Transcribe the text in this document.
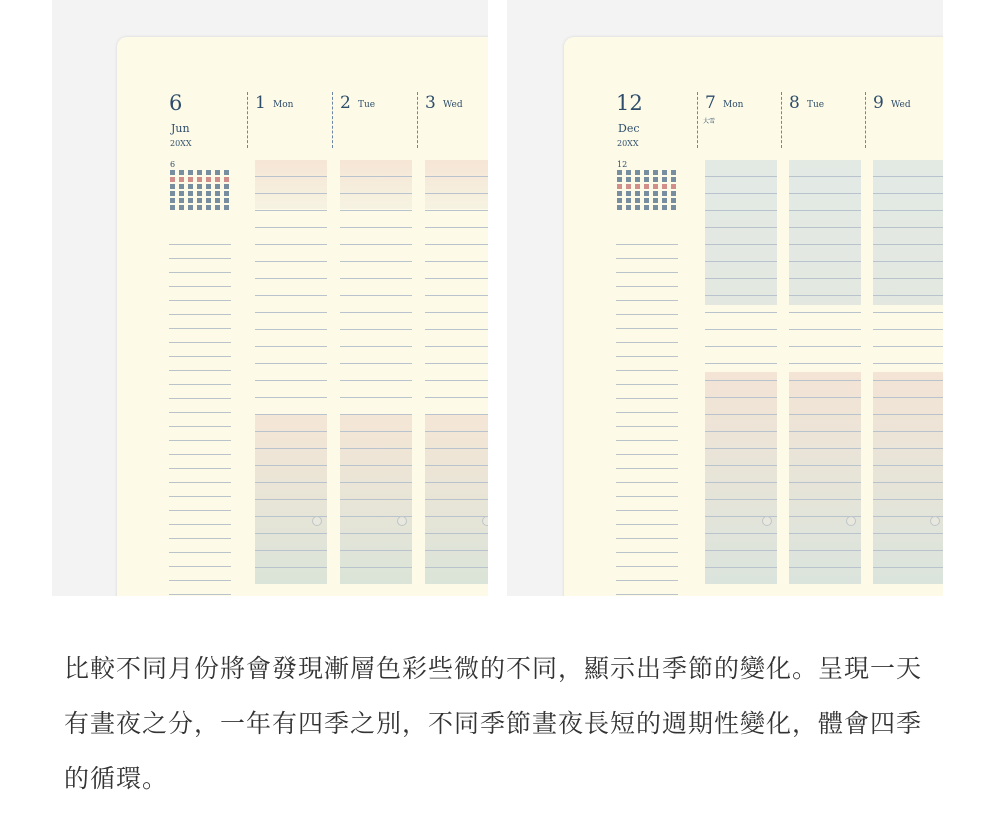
6
Jun
20XX
6
1 Mon	2 Tue	3 Wed	12
Dec
20XX
12
7 Mon
大雪
8 Tue	9 Wed

比較不同月份將會發現漸層色彩些微的不同，顯示出季節的變化。呈現一天有晝夜之分，一年有四季之別，不同季節晝夜長短的週期性變化，體會四季的循環。
